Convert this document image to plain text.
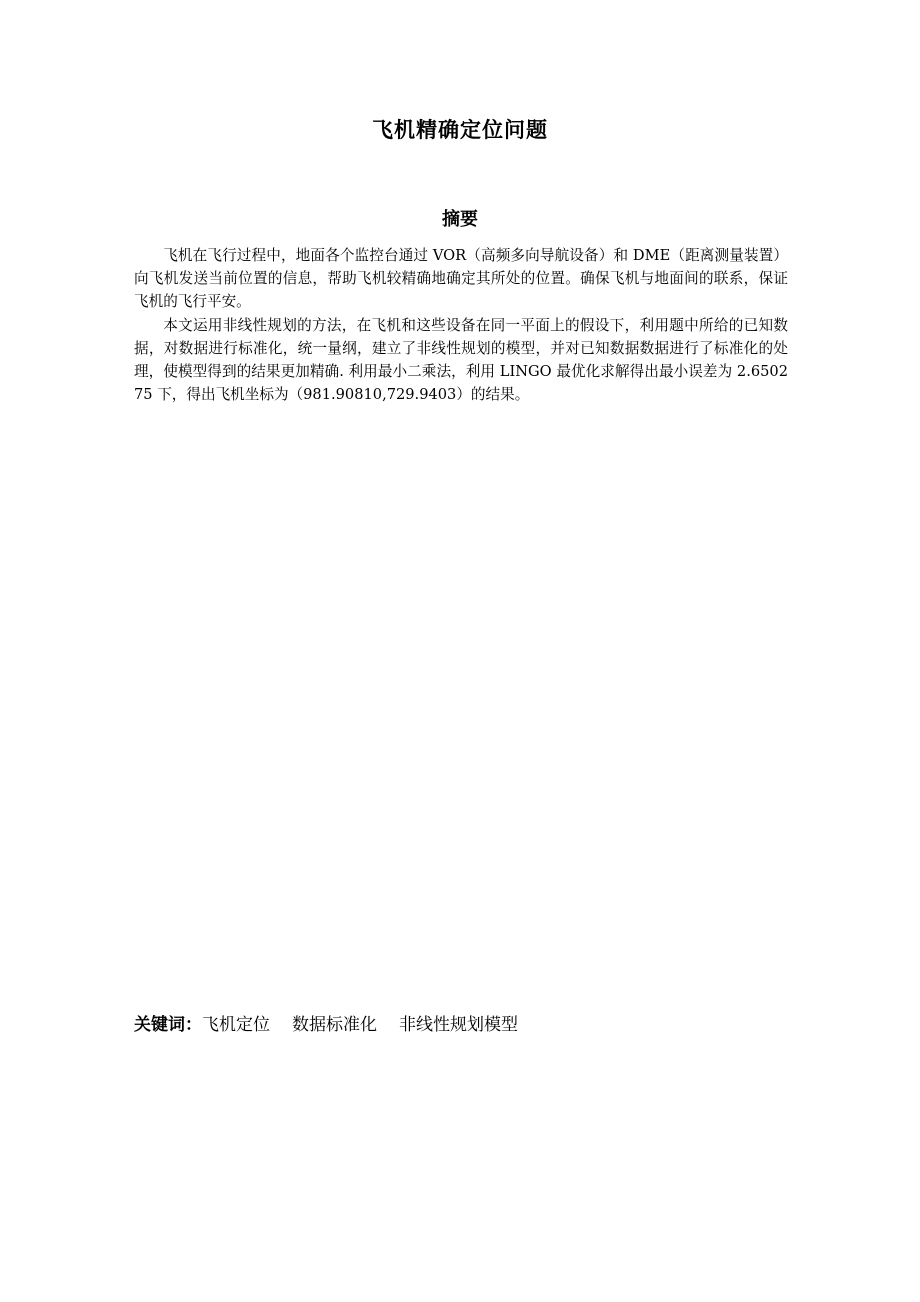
飞机精确定位问题
摘要

飞机在飞行过程中，地面各个监控台通过 VOR（高频多向导航设备）和 DME（距离测量装置）向飞机发送当前位置的信息，帮助飞机较精确地确定其所处的位置。确保飞机与地面间的联系，保证飞机的飞行平安。

本文运用非线性规划的方法，在飞机和这些设备在同一平面上的假设下，利用题中所给的已知数据，对数据进行标准化，统一量纲，建立了非线性规划的模型，并对已知数据数据进行了标准化的处理，使模型得到的结果更加精确. 利用最小二乘法，利用 LINGO 最优化求解得出最小误差为 2.650275 下，得出飞机坐标为（981.90810,729.9403）的结果。

关键词：飞机定位 数据标准化 非线性规划模型
